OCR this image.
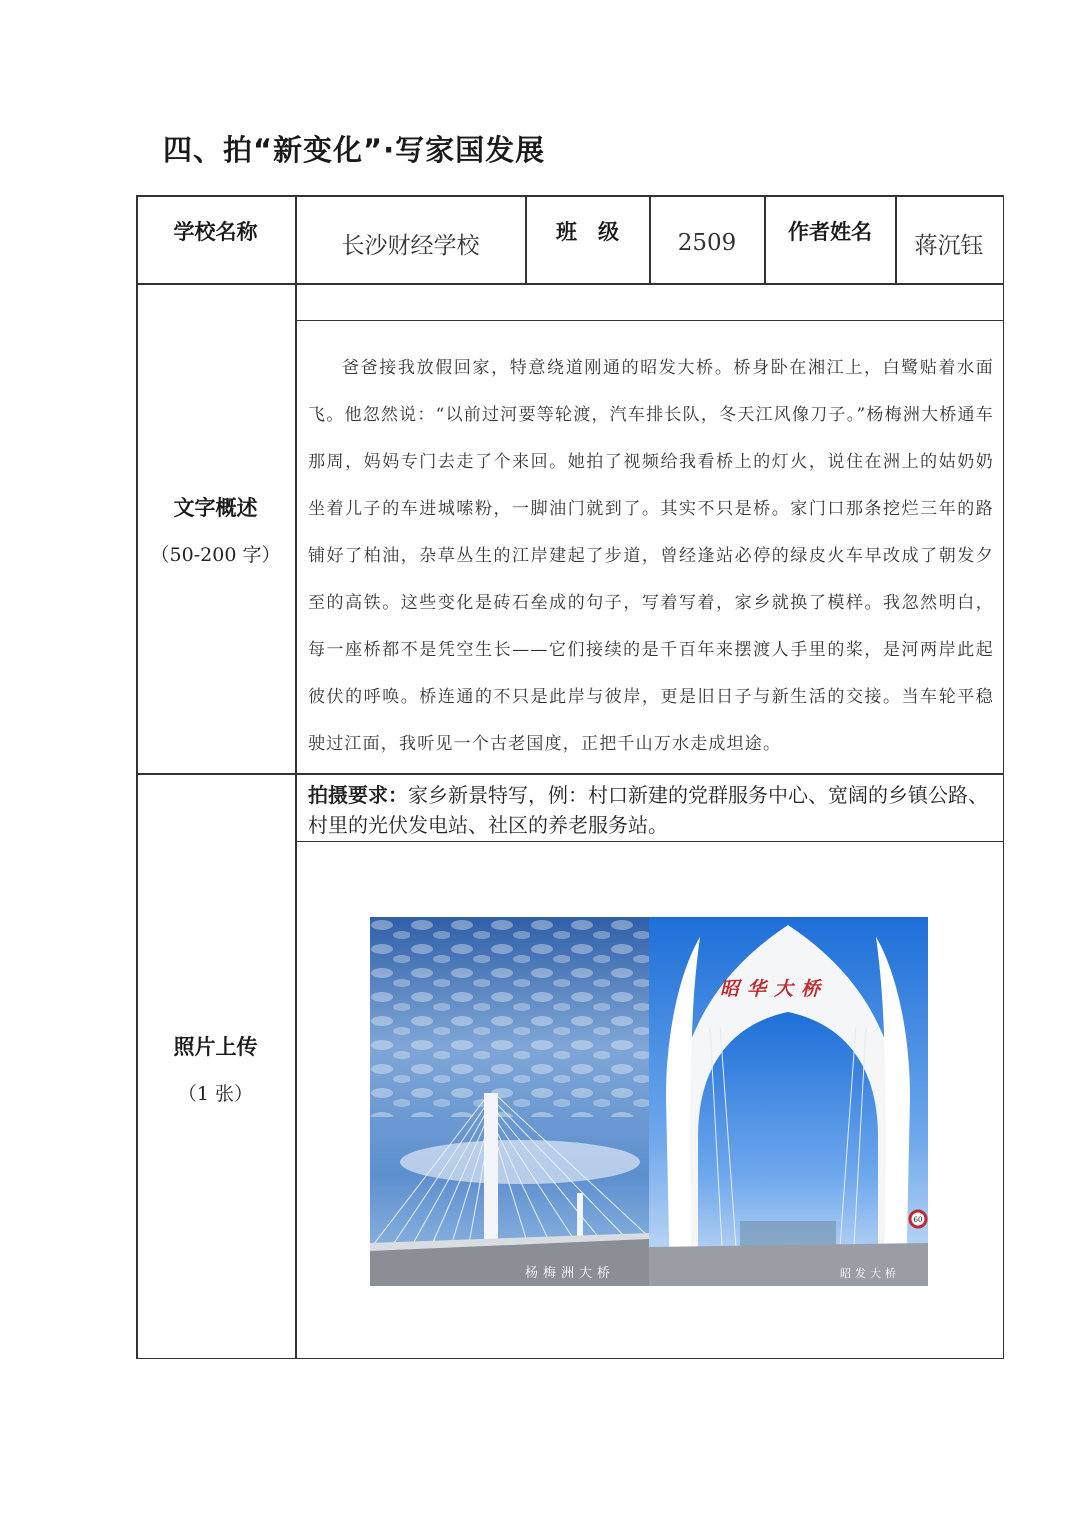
四、拍“新变化”·写家国发展
学校名称
长沙财经学校
班　级	2509	作者姓名
蒋沉钰
文字概述
（50-200 字）
爸爸接我放假回家，特意绕道刚通的昭发大桥。桥身卧在湘江上，白鹭贴着水面飞。他忽然说：“以前过河要等轮渡，汽车排长队，冬天江风像刀子。”杨梅洲大桥通车那周，妈妈专门去走了个来回。她拍了视频给我看桥上的灯火，说住在洲上的姑奶奶坐着儿子的车进城嗦粉，一脚油门就到了。其实不只是桥。家门口那条挖烂三年的路铺好了柏油，杂草丛生的江岸建起了步道，曾经逢站必停的绿皮火车早改成了朝发夕至的高铁。这些变化是砖石垒成的句子，写着写着，家乡就换了模样。我忽然明白，每一座桥都不是凭空生长——它们接续的是千百年来摆渡人手里的桨，是河两岸此起彼伏的呼唤。桥连通的不只是此岸与彼岸，更是旧日子与新生活的交接。当车轮平稳驶过江面，我听见一个古老国度，正把千山万水走成坦途。
照片上传
（1 张）
拍摄要求：家乡新景特写，例：村口新建的党群服务中心、宽阔的乡镇公路、村里的光伏发电站、社区的养老服务站。
杨梅洲大桥
昭华大桥
60
昭发大桥
